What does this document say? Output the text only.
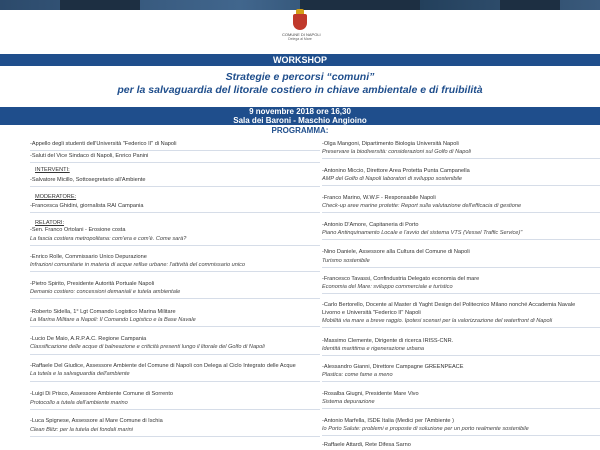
COMUNE DI NAPOLI
Delega al Mare
WORKSHOP
Strategie e percorsi “comuni”
per la salvaguardia del litorale costiero in chiave ambientale e di fruibilità
9 novembre 2018 ore 16,30
Sala dei Baroni - Maschio Angioino
PROGRAMMA:
-Appello degli studenti dell'Università "Federico II" di Napoli
-Saluti del Vice Sindaco di Napoli, Enrico Panini
INTERVENTI:
-Salvatore Micillo, Sottosegretario all'Ambiente
MODERATORE:
-Francesca Ghidini, giornalista RAI Campania
RELATORI:
-Sen. Franco Ortolani - Erosione costa
La fascia costiera metropolitana: com'era e com'è. Come sarà?
-Enrico Rolle, Commissario Unico Depurazione
Infrazioni comunitarie in materia di acque reflue urbane: l'attività del commissario unico
-Pietro Spirito, Presidente Autorità Portuale Napoli
Demanio costiero: concessioni demaniali e tutela ambientale
-Roberto Sidella, 1° Lgt Comando Logistico Marina Militare
La Marina Militare a Napoli: Il Comando Logistico e la Base Navale
-Lucio De Maio, A.R.P.A.C. Regione Campania
Classificazione delle acque di balneazione e criticità presenti lungo il litorale del Golfo di Napoli
-Raffaele Del Giudice, Assessore Ambiente del Comune di Napoli con Delega al Ciclo Integrato delle Acque
La tutela e la salvaguardia dell'ambiente
-Luigi Di Prisco, Assessore Ambiente Comune di Sorrento
Protocollo a tutela dell'ambiente marino
-Luca Spignese, Assessore al Mare Comune di Ischia
Clean Blitz: per la tutela dei fondali marini
-Olga Mangoni, Dipartimento Biologia Università Napoli
Preservare la biodiversità: considerazioni sul Golfo di Napoli
-Antonino Miccio, Direttore Area Protetta Punta Campanella
AMP del Golfo di Napoli laboratori di sviluppo sostenibile
-Franco Marino, W.W.F - Responsabile Napoli
Check-up aree marine protette: Report sulla valutazione dell'efficacia di gestione
-Antonio D'Amore, Capitaneria di Porto
Piano Antinquinamento Locale e l'avvio del sistema VTS (Vessel Traffic Service)"
-Nino Daniele, Assessore alla Cultura del Comune di Napoli
Turismo sostenibile
-Francesco Tavassi, Confindustria Delegato economia del mare
Economia del Mare: sviluppo commerciale e turistico
-Carlo Bertorello, Docente al Master di Yaght Design del Politecnico Milano nonché Accademia Navale
Livorno e Università "Federico II" Napoli
Mobilità via mare a breve raggio. Ipotesi scenari per la valorizzazione del waterfront di Napoli
-Massimo Clemente, Dirigente di ricerca IRISS-CNR.
Identità marittima e rigenerazione urbana
-Alessandro Gianni, Direttore Campagne GREENPEACE
Plastica: come fame a meno
-Rosalba Giugni, Presidente Mare Vivo
Sistema depurazione
-Antonio Marfella, ISDE Italia (Medici per l'Ambiente )
Io Porto Salute: problemi e proposte di soluzione per un porto realmente sostenibile
-Raffaele Attardi, Rete Difesa Sarno
